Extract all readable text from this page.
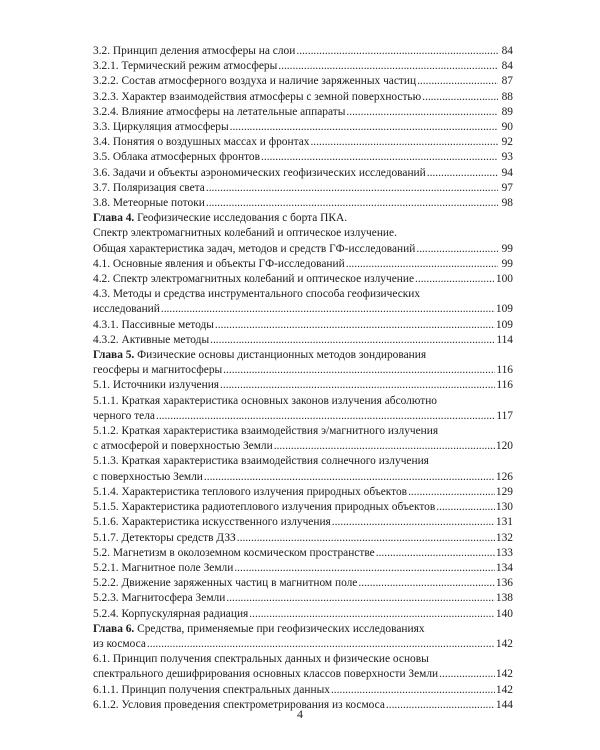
3.2. Принцип деления атмосферы на слои .....	84
3.2.1. Термический режим атмосферы .....	84
3.2.2. Состав атмосферного воздуха и наличие заряженных частиц .....	87
3.2.3. Характер взаимодействия атмосферы с земной поверхностью .....	88
3.2.4. Влияние атмосферы на летательные аппараты .....	89
3.3. Циркуляция атмосферы .....	90
3.4. Понятия о воздушных массах и фронтах .....	92
3.5. Облака атмосферных фронтов .....	93
3.6. Задачи и объекты аэрономических геофизических исследований .....	94
3.7. Поляризация света .....	97
3.8. Метеорные потоки .....	98
Глава 4. Геофизические исследования с борта ПКА.
Спектр электромагнитных колебаний и оптическое излучение.
Общая характеристика задач, методов и средств ГФ-исследований .....	99
4.1. Основные явления и объекты ГФ-исследований .....	99
4.2. Спектр электромагнитных колебаний и оптическое излучение .....	100
4.3. Методы и средства инструментального способа геофизических
исследований .....	109
4.3.1. Пассивные методы .....	109
4.3.2. Активные методы .....	114
Глава 5. Физические основы дистанционных методов зондирования
геосферы и магнитосферы .....	116
5.1. Источники излучения .....	116
5.1.1. Краткая характеристика основных законов излучения абсолютно
черного тела .....	117
5.1.2. Краткая характеристика взаимодействия э/магнитного излучения
с атмосферой и поверхностью Земли .....	120
5.1.3. Краткая характеристика взаимодействия солнечного излучения
с поверхностью Земли .....	126
5.1.4. Характеристика теплового излучения природных объектов .....	129
5.1.5. Характеристика радиотеплового излучения природных объектов .....	130
5.1.6. Характеристика искусственного излучения .....	131
5.1.7. Детекторы средств ДЗЗ .....	132
5.2. Магнетизм в околоземном космическом пространстве .....	133
5.2.1. Магнитное поле Земли .....	134
5.2.2. Движение заряженных частиц в магнитном поле .....	136
5.2.3. Магнитосфера Земли .....	138
5.2.4. Корпускулярная радиация .....	140
Глава 6. Средства, применяемые при геофизических исследованиях
из космоса .....	142
6.1. Принцип получения спектральных данных и физические основы
спектрального дешифрирования основных классов поверхности Земли .....	142
6.1.1. Принцип получения спектральных данных .....	142
6.1.2. Условия проведения спектрометрирования из космоса .....	144
4
